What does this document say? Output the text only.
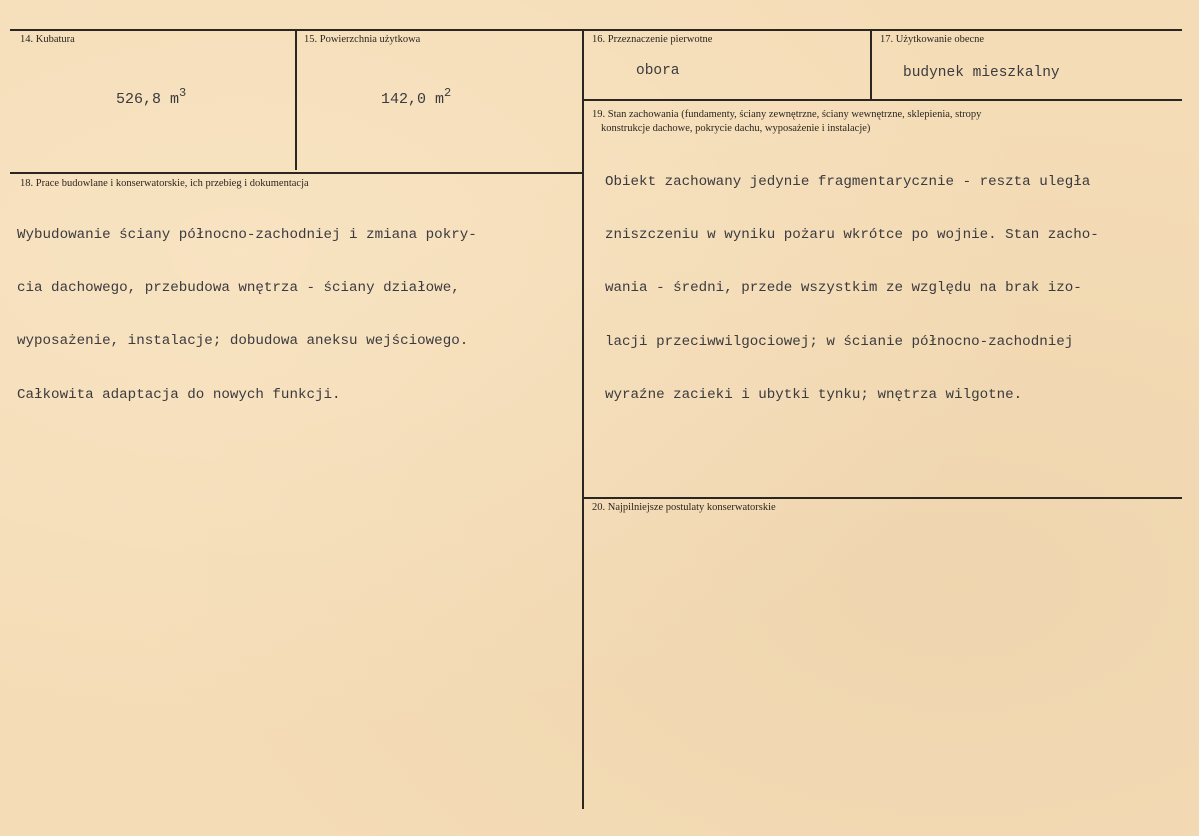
14. Kubatura
526,8 $m^3$
15. Powierzchnia użytkowa
142,0 $m^2$
16. Przeznaczenie pierwotne
obora
17. Użytkowanie obecne
budynek mieszkalny
18. Prace budowlane i konserwatorskie, ich przebieg i dokumentacja

Wybudowanie ściany północno-zachodniej i zmiana pokry-

cia dachowego, przebudowa wnętrza - ściany działowe,

wyposażenie, instalacje; dobudowa aneksu wejściowego.

Całkowita adaptacja do nowych funkcji.

19. Stan zachowania (fundamenty, ściany zewnętrzne, ściany wewnętrzne, sklepienia, stropy
konstrukcje dachowe, pokrycie dachu, wyposażenie i instalacje)

Obiekt zachowany jedynie fragmentarycznie - reszta uległa

zniszczeniu w wyniku pożaru wkrótce po wojnie. Stan zacho-

wania - średni, przede wszystkim ze względu na brak izo-

lacji przeciwwilgociowej; w ścianie północno-zachodniej

wyraźne zacieki i ubytki tynku; wnętrza wilgotne.

20. Najpilniejsze postulaty konserwatorskie
